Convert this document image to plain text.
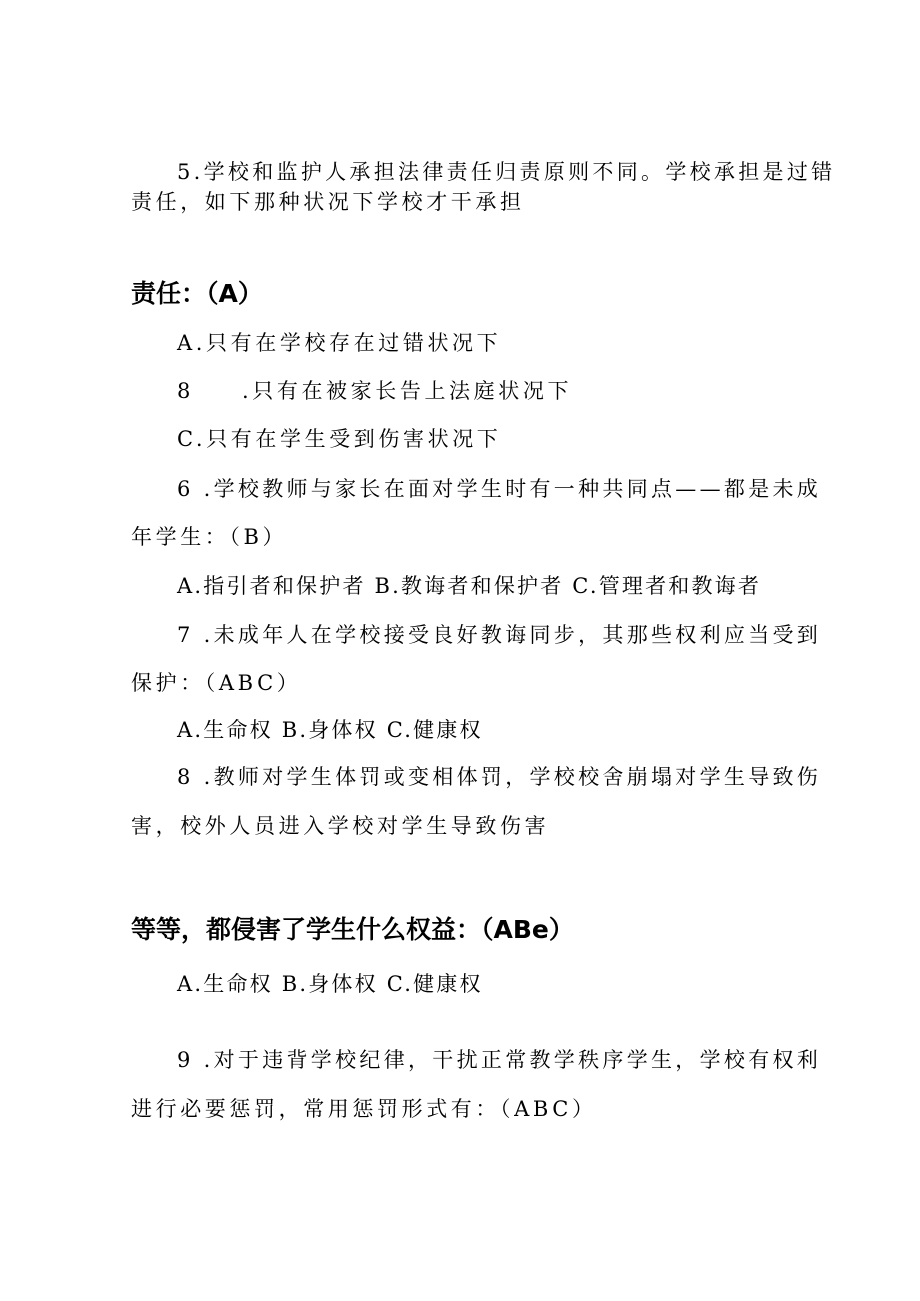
5.学校和监护人承担法律责任归责原则不同。学校承担是过错
责任，如下那种状况下学校才干承担
责任：（A）
A.只有在学校存在过错状况下
8 .只有在被家长告上法庭状况下
C.只有在学生受到伤害状况下
6 .学校教师与家长在面对学生时有一种共同点——都是未成
年学生：（B）
A.指引者和保护者 B.教诲者和保护者 C.管理者和教诲者
7 .未成年人在学校接受良好教诲同步，其那些权利应当受到
保护：（ABC）
A.生命权 B.身体权 C.健康权
8 .教师对学生体罚或变相体罚，学校校舍崩塌对学生导致伤
害，校外人员进入学校对学生导致伤害
等等，都侵害了学生什么权益：（ABe）
A.生命权 B.身体权 C.健康权
9 .对于违背学校纪律，干扰正常教学秩序学生，学校有权利
进行必要惩罚，常用惩罚形式有：（ABC）
